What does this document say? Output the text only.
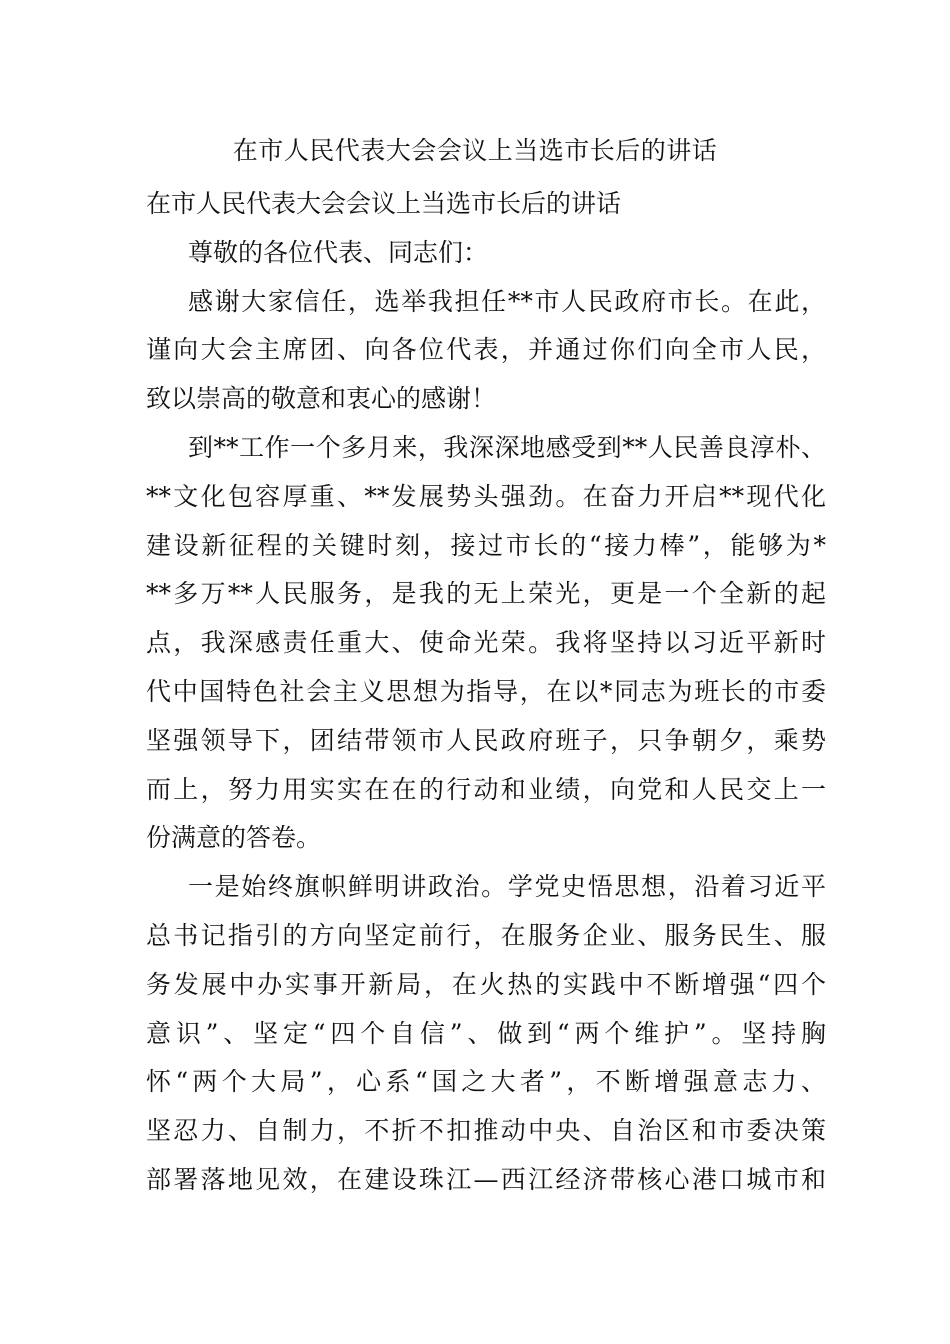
在市人民代表大会会议上当选市长后的讲话
在市人民代表大会会议上当选市长后的讲话
尊敬的各位代表、同志们：
感谢大家信任，选举我担任**市人民政府市长。在此，
谨向大会主席团、向各位代表，并通过你们向全市人民，
致以崇高的敬意和衷心的感谢！
到**工作一个多月来，我深深地感受到**人民善良淳朴、
**文化包容厚重、**发展势头强劲。在奋力开启**现代化
建设新征程的关键时刻，接过市长的“接力棒”，能够为*
**多万**人民服务，是我的无上荣光，更是一个全新的起
点，我深感责任重大、使命光荣。我将坚持以习近平新时
代中国特色社会主义思想为指导，在以*同志为班长的市委
坚强领导下，团结带领市人民政府班子，只争朝夕，乘势
而上，努力用实实在在的行动和业绩，向党和人民交上一
份满意的答卷。
一是始终旗帜鲜明讲政治。学党史悟思想，沿着习近平
总书记指引的方向坚定前行，在服务企业、服务民生、服
务发展中办实事开新局，在火热的实践中不断增强“四个
意识”、坚定“四个自信”、做到“两个维护”。坚持胸
怀“两个大局”，心系“国之大者”，不断增强意志力、
坚忍力、自制力，不折不扣推动中央、自治区和市委决策
部署落地见效，在建设珠江—西江经济带核心港口城市和
